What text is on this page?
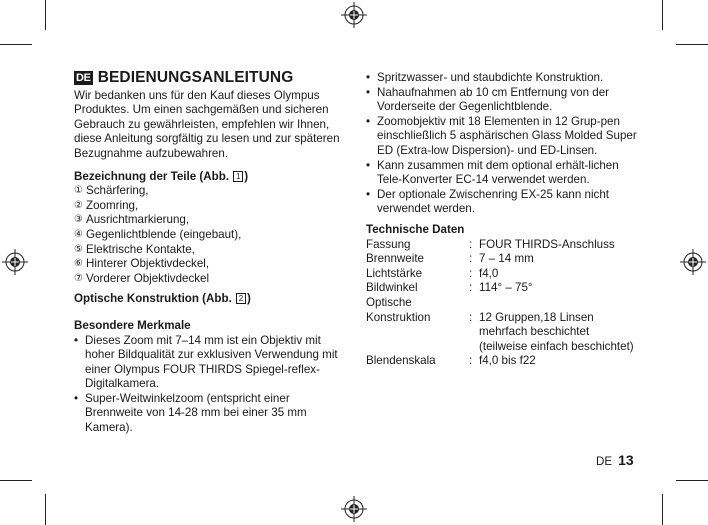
DE BEDIENUNGSANLEITUNG

Wir bedanken uns für den Kauf dieses Olympus Produktes. Um einen sachgemäßen und sicheren Gebrauch zu gewährleisten, empfehlen wir Ihnen, diese Anleitung sorgfältig zu lesen und zur späteren Bezugnahme aufzubewahren.

Bezeichnung der Teile (Abb. 1 )
① Schärfering,
② Zoomring,
③ Ausrichtmarkierung,
④ Gegenlichtblende (eingebaut),
⑤ Elektrische Kontakte,
⑥ Hinterer Objektivdeckel,
⑦ Vorderer Objektivdeckel
Optische Konstruktion (Abb. 2 )
Besondere Merkmale
• Dieses Zoom mit 7–14 mm ist ein Objektiv mit hoher Bildqualität zur exklusiven Verwendung mit einer Olympus FOUR THIRDS Spiegel-reflex-Digitalkamera.
• Super-Weitwinkelzoom (entspricht einer Brennweite von 14-28 mm bei einer 35 mm Kamera).
• Spritzwasser- und staubdichte Konstruktion.
• Nahaufnahmen ab 10 cm Entfernung von der Vorderseite der Gegenlichtblende.
• Zoomobjektiv mit 18 Elementen in 12 Grup-pen einschließlich 5 asphärischen Glass Molded Super ED (Extra-low Dispersion)- und ED-Linsen.
• Kann zusammen mit dem optional erhält-lichen Tele-Konverter EC-14 verwendet werden.
• Der optionale Zwischenring EX-25 kann nicht verwendet werden.
Technische Daten
Fassung	: FOUR THIRDS-Anschluss
Brennweite	: 7 – 14 mm
Lichtstärke	: f4,0
Bildwinkel	: 114° – 75°
Optische
Konstruktion	: 12 Gruppen,18 Linsen mehrfach beschichtet (teilweise einfach beschichtet)
Blendenskala	: f4,0 bis f22
DE 13
